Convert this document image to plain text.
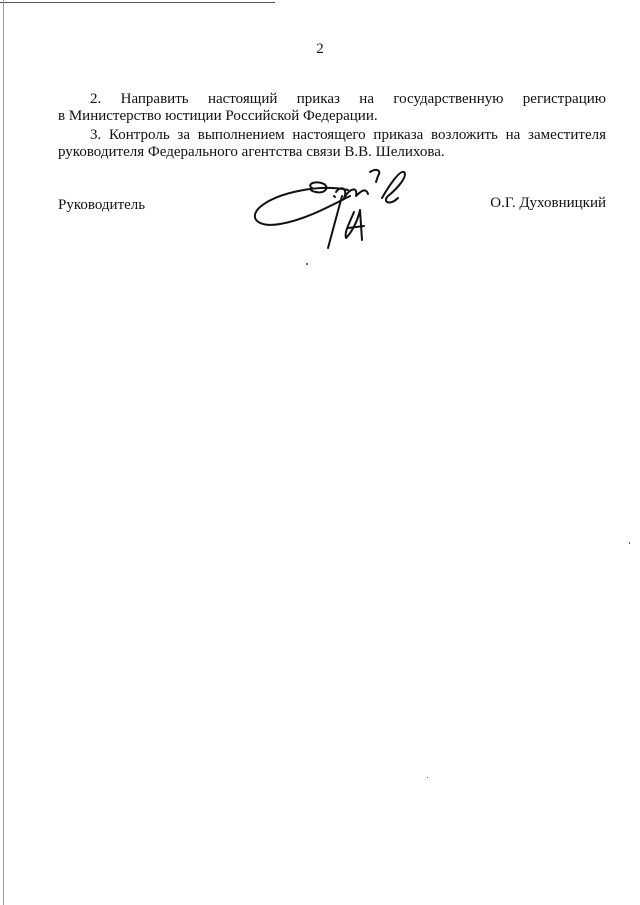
2
2. Направить настоящий приказ на государственную регистрацию
в Министерство юстиции Российской Федерации.
3. Контроль за выполнением настоящего приказа возложить на заместителя
руководителя Федерального агентства связи В.В. Шелихова.
Руководитель	О.Г. Духовницкий
